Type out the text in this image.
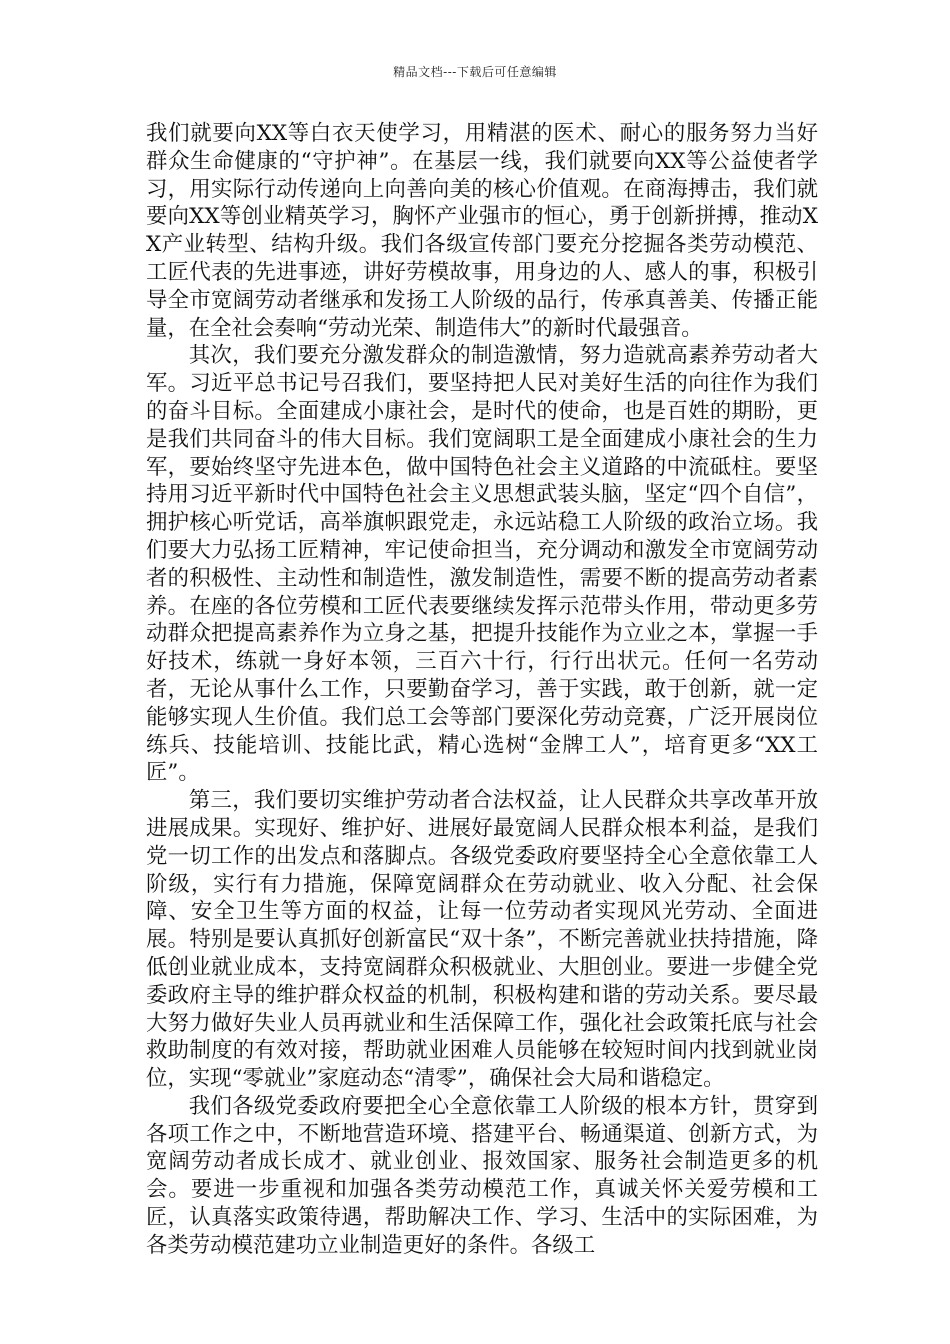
精品文档---下载后可任意编辑

我们就要向XX等白衣天使学习，用精湛的医术、耐心的服务努力当好群众生命健康的“守护神”。在基层一线，我们就要向XX等公益使者学习，用实际行动传递向上向善向美的核心价值观。在商海搏击，我们就要向XX等创业精英学习，胸怀产业强市的恒心，勇于创新拼搏，推动XX产业转型、结构升级。我们各级宣传部门要充分挖掘各类劳动模范、工匠代表的先进事迹，讲好劳模故事，用身边的人、感人的事，积极引导全市宽阔劳动者继承和发扬工人阶级的品行，传承真善美、传播正能量，在全社会奏响“劳动光荣、制造伟大”的新时代最强音。

其次，我们要充分激发群众的制造激情，努力造就高素养劳动者大军。习近平总书记号召我们，要坚持把人民对美好生活的向往作为我们的奋斗目标。全面建成小康社会，是时代的使命，也是百姓的期盼，更是我们共同奋斗的伟大目标。我们宽阔职工是全面建成小康社会的生力军，要始终坚守先进本色，做中国特色社会主义道路的中流砥柱。要坚持用习近平新时代中国特色社会主义思想武装头脑，坚定“四个自信”，拥护核心听党话，高举旗帜跟党走，永远站稳工人阶级的政治立场。我们要大力弘扬工匠精神，牢记使命担当，充分调动和激发全市宽阔劳动者的积极性、主动性和制造性，激发制造性，需要不断的提高劳动者素养。在座的各位劳模和工匠代表要继续发挥示范带头作用，带动更多劳动群众把提高素养作为立身之基，把提升技能作为立业之本，掌握一手好技术，练就一身好本领，三百六十行，行行出状元。任何一名劳动者，无论从事什么工作，只要勤奋学习，善于实践，敢于创新，就一定能够实现人生价值。我们总工会等部门要深化劳动竞赛，广泛开展岗位练兵、技能培训、技能比武，精心选树“金牌工人”，培育更多“XX工匠”。

第三，我们要切实维护劳动者合法权益，让人民群众共享改革开放进展成果。实现好、维护好、进展好最宽阔人民群众根本利益，是我们党一切工作的出发点和落脚点。各级党委政府要坚持全心全意依靠工人阶级，实行有力措施，保障宽阔群众在劳动就业、收入分配、社会保障、安全卫生等方面的权益，让每一位劳动者实现风光劳动、全面进展。特别是要认真抓好创新富民“双十条”，不断完善就业扶持措施，降低创业就业成本，支持宽阔群众积极就业、大胆创业。要进一步健全党委政府主导的维护群众权益的机制，积极构建和谐的劳动关系。要尽最大努力做好失业人员再就业和生活保障工作，强化社会政策托底与社会救助制度的有效对接，帮助就业困难人员能够在较短时间内找到就业岗位，实现“零就业”家庭动态“清零”，确保社会大局和谐稳定。

我们各级党委政府要把全心全意依靠工人阶级的根本方针，贯穿到各项工作之中，不断地营造环境、搭建平台、畅通渠道、创新方式，为宽阔劳动者成长成才、就业创业、报效国家、服务社会制造更多的机会。要进一步重视和加强各类劳动模范工作，真诚关怀关爱劳模和工匠，认真落实政策待遇，帮助解决工作、学习、生活中的实际困难，为各类劳动模范建功立业制造更好的条件。各级工
